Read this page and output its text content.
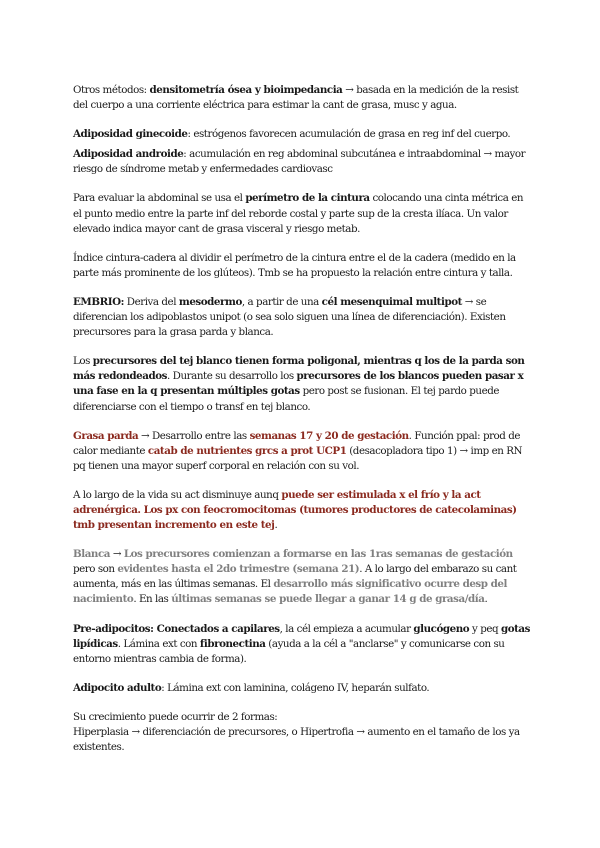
Otros métodos: densitometría ósea y bioimpedancia → basada en la medición de la resist del cuerpo a una corriente eléctrica para estimar la cant de grasa, musc y agua.

Adiposidad ginecoide: estrógenos favorecen acumulación de grasa en reg inf del cuerpo.

Adiposidad androide: acumulación en reg abdominal subcutánea e intraabdominal → mayor riesgo de síndrome metab y enfermedades cardiovasc

Para evaluar la abdominal se usa el perímetro de la cintura colocando una cinta métrica en el punto medio entre la parte inf del reborde costal y parte sup de la cresta ilíaca. Un valor elevado indica mayor cant de grasa visceral y riesgo metab.

Índice cintura-cadera al dividir el perímetro de la cintura entre el de la cadera (medido en la parte más prominente de los glúteos). Tmb se ha propuesto la relación entre cintura y talla.

EMBRIO: Deriva del mesodermo, a partir de una cél mesenquimal multipot → se diferencian los adipoblastos unipot (o sea solo siguen una línea de diferenciación). Existen precursores para la grasa parda y blanca.

Los precursores del tej blanco tienen forma poligonal, mientras q los de la parda son más redondeados. Durante su desarrollo los precursores de los blancos pueden pasar x una fase en la q presentan múltiples gotas pero post se fusionan. El tej pardo puede diferenciarse con el tiempo o transf en tej blanco.

Grasa parda → Desarrollo entre las semanas 17 y 20 de gestación. Función ppal: prod de calor mediante catab de nutrientes grcs a prot UCP1 (desacopladora tipo 1) → imp en RN pq tienen una mayor superf corporal en relación con su vol.

A lo largo de la vida su act disminuye aunq puede ser estimulada x el frío y la act adrenérgica. Los px con feocromocitomas (tumores productores de catecolaminas) tmb presentan incremento en este tej.

Blanca → Los precursores comienzan a formarse en las 1ras semanas de gestación pero son evidentes hasta el 2do trimestre (semana 21). A lo largo del embarazo su cant aumenta, más en las últimas semanas. El desarrollo más significativo ocurre desp del nacimiento. En las últimas semanas se puede llegar a ganar 14 g de grasa/día.

Pre-adipocitos: Conectados a capilares, la cél empieza a acumular glucógeno y peq gotas lipídicas. Lámina ext con fibronectina (ayuda a la cél a "anclarse" y comunicarse con su entorno mientras cambia de forma).

Adipocito adulto: Lámina ext con laminina, colágeno IV, heparán sulfato.

Su crecimiento puede ocurrir de 2 formas:
Hiperplasia → diferenciación de precursores, o Hipertrofia → aumento en el tamaño de los ya existentes.
